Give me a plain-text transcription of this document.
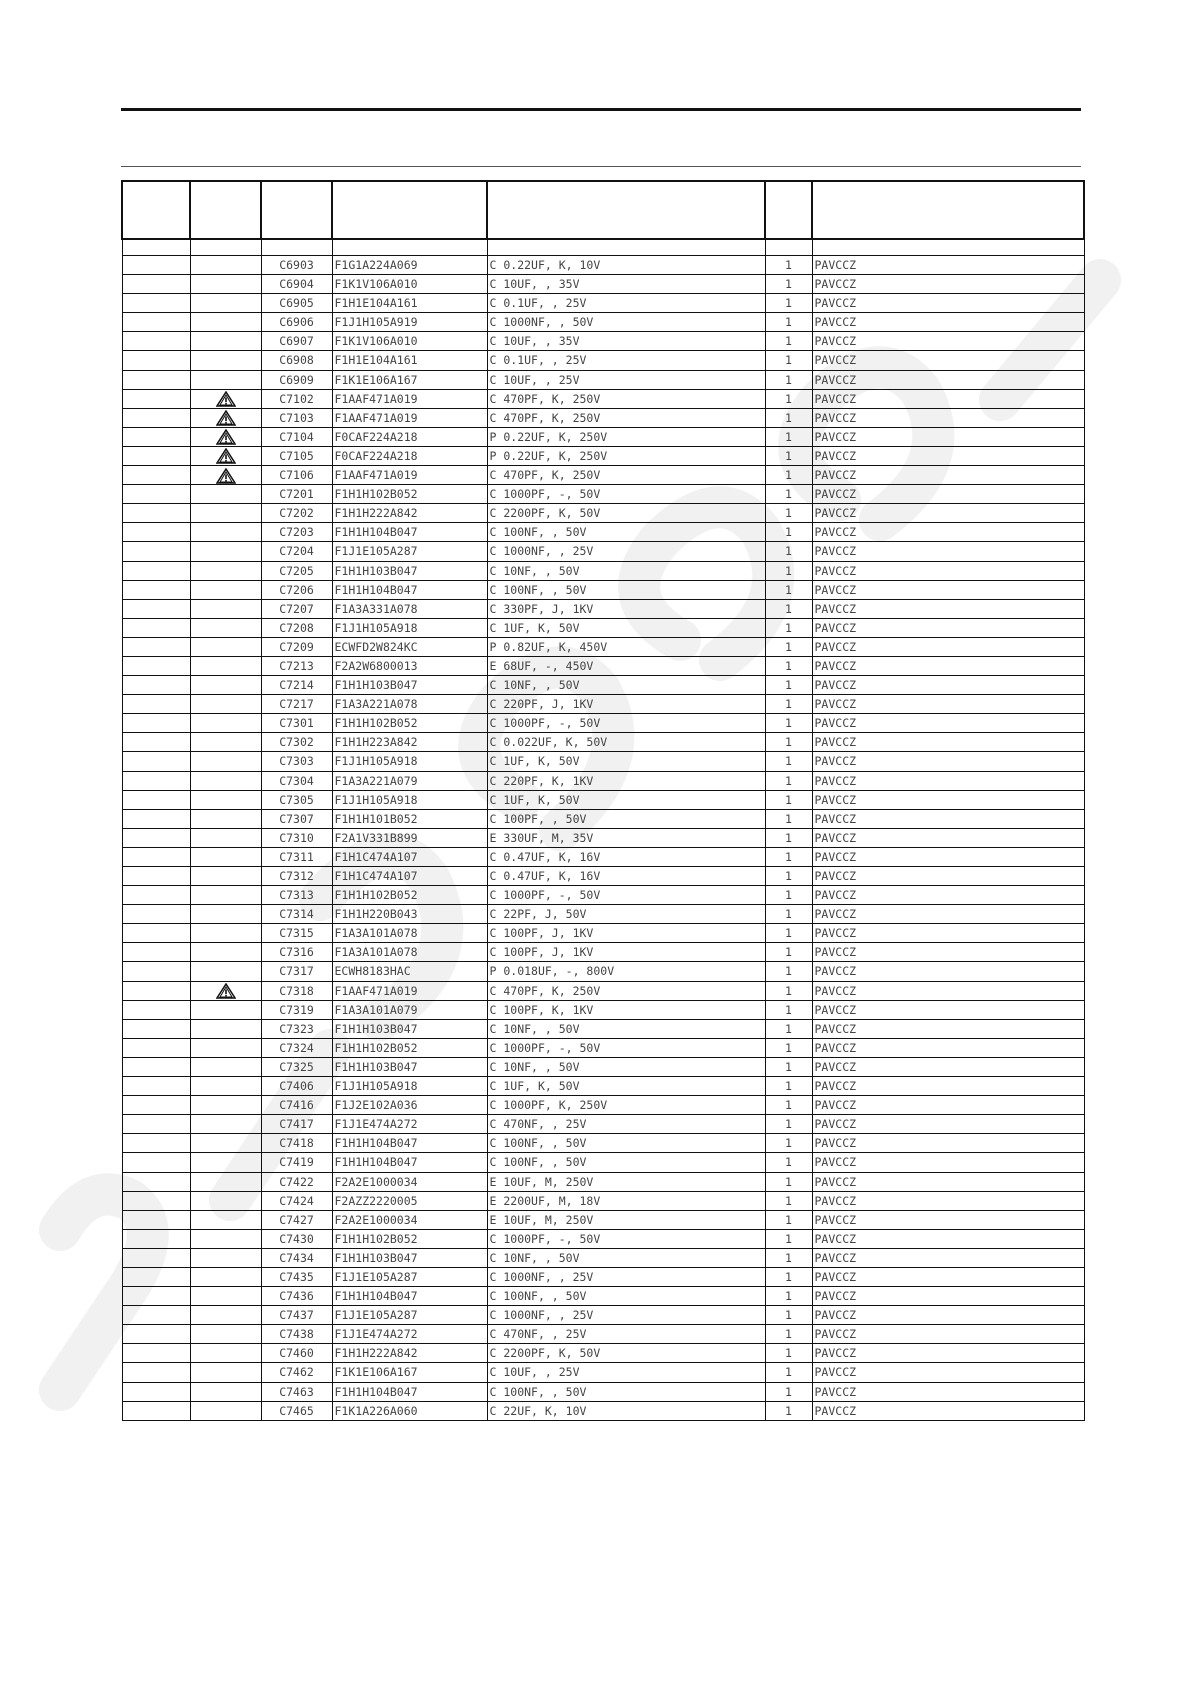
		C6903	F1G1A224A069	C 0.22UF, K, 10V	1	PAVCCZ
		C6904	F1K1V106A010	C 10UF, , 35V	1	PAVCCZ
		C6905	F1H1E104A161	C 0.1UF, , 25V	1	PAVCCZ
		C6906	F1J1H105A919	C 1000NF, , 50V	1	PAVCCZ
		C6907	F1K1V106A010	C 10UF, , 35V	1	PAVCCZ
		C6908	F1H1E104A161	C 0.1UF, , 25V	1	PAVCCZ
		C6909	F1K1E106A167	C 10UF, , 25V	1	PAVCCZ
		C7102	F1AAF471A019	C 470PF, K, 250V	1	PAVCCZ
		C7103	F1AAF471A019	C 470PF, K, 250V	1	PAVCCZ
		C7104	F0CAF224A218	P 0.22UF, K, 250V	1	PAVCCZ
		C7105	F0CAF224A218	P 0.22UF, K, 250V	1	PAVCCZ
		C7106	F1AAF471A019	C 470PF, K, 250V	1	PAVCCZ
		C7201	F1H1H102B052	C 1000PF, -, 50V	1	PAVCCZ
		C7202	F1H1H222A842	C 2200PF, K, 50V	1	PAVCCZ
		C7203	F1H1H104B047	C 100NF, , 50V	1	PAVCCZ
		C7204	F1J1E105A287	C 1000NF, , 25V	1	PAVCCZ
		C7205	F1H1H103B047	C 10NF, , 50V	1	PAVCCZ
		C7206	F1H1H104B047	C 100NF, , 50V	1	PAVCCZ
		C7207	F1A3A331A078	C 330PF, J, 1KV	1	PAVCCZ
		C7208	F1J1H105A918	C 1UF, K, 50V	1	PAVCCZ
		C7209	ECWFD2W824KC	P 0.82UF, K, 450V	1	PAVCCZ
		C7213	F2A2W6800013	E 68UF, -, 450V	1	PAVCCZ
		C7214	F1H1H103B047	C 10NF, , 50V	1	PAVCCZ
		C7217	F1A3A221A078	C 220PF, J, 1KV	1	PAVCCZ
		C7301	F1H1H102B052	C 1000PF, -, 50V	1	PAVCCZ
		C7302	F1H1H223A842	C 0.022UF, K, 50V	1	PAVCCZ
		C7303	F1J1H105A918	C 1UF, K, 50V	1	PAVCCZ
		C7304	F1A3A221A079	C 220PF, K, 1KV	1	PAVCCZ
		C7305	F1J1H105A918	C 1UF, K, 50V	1	PAVCCZ
		C7307	F1H1H101B052	C 100PF, , 50V	1	PAVCCZ
		C7310	F2A1V331B899	E 330UF, M, 35V	1	PAVCCZ
		C7311	F1H1C474A107	C 0.47UF, K, 16V	1	PAVCCZ
		C7312	F1H1C474A107	C 0.47UF, K, 16V	1	PAVCCZ
		C7313	F1H1H102B052	C 1000PF, -, 50V	1	PAVCCZ
		C7314	F1H1H220B043	C 22PF, J, 50V	1	PAVCCZ
		C7315	F1A3A101A078	C 100PF, J, 1KV	1	PAVCCZ
		C7316	F1A3A101A078	C 100PF, J, 1KV	1	PAVCCZ
		C7317	ECWH8183HAC	P 0.018UF, -, 800V	1	PAVCCZ
		C7318	F1AAF471A019	C 470PF, K, 250V	1	PAVCCZ
		C7319	F1A3A101A079	C 100PF, K, 1KV	1	PAVCCZ
		C7323	F1H1H103B047	C 10NF, , 50V	1	PAVCCZ
		C7324	F1H1H102B052	C 1000PF, -, 50V	1	PAVCCZ
		C7325	F1H1H103B047	C 10NF, , 50V	1	PAVCCZ
		C7406	F1J1H105A918	C 1UF, K, 50V	1	PAVCCZ
		C7416	F1J2E102A036	C 1000PF, K, 250V	1	PAVCCZ
		C7417	F1J1E474A272	C 470NF, , 25V	1	PAVCCZ
		C7418	F1H1H104B047	C 100NF, , 50V	1	PAVCCZ
		C7419	F1H1H104B047	C 100NF, , 50V	1	PAVCCZ
		C7422	F2A2E1000034	E 10UF, M, 250V	1	PAVCCZ
		C7424	F2AZZ2220005	E 2200UF, M, 18V	1	PAVCCZ
		C7427	F2A2E1000034	E 10UF, M, 250V	1	PAVCCZ
		C7430	F1H1H102B052	C 1000PF, -, 50V	1	PAVCCZ
		C7434	F1H1H103B047	C 10NF, , 50V	1	PAVCCZ
		C7435	F1J1E105A287	C 1000NF, , 25V	1	PAVCCZ
		C7436	F1H1H104B047	C 100NF, , 50V	1	PAVCCZ
		C7437	F1J1E105A287	C 1000NF, , 25V	1	PAVCCZ
		C7438	F1J1E474A272	C 470NF, , 25V	1	PAVCCZ
		C7460	F1H1H222A842	C 2200PF, K, 50V	1	PAVCCZ
		C7462	F1K1E106A167	C 10UF, , 25V	1	PAVCCZ
		C7463	F1H1H104B047	C 100NF, , 50V	1	PAVCCZ
		C7465	F1K1A226A060	C 22UF, K, 10V	1	PAVCCZ
